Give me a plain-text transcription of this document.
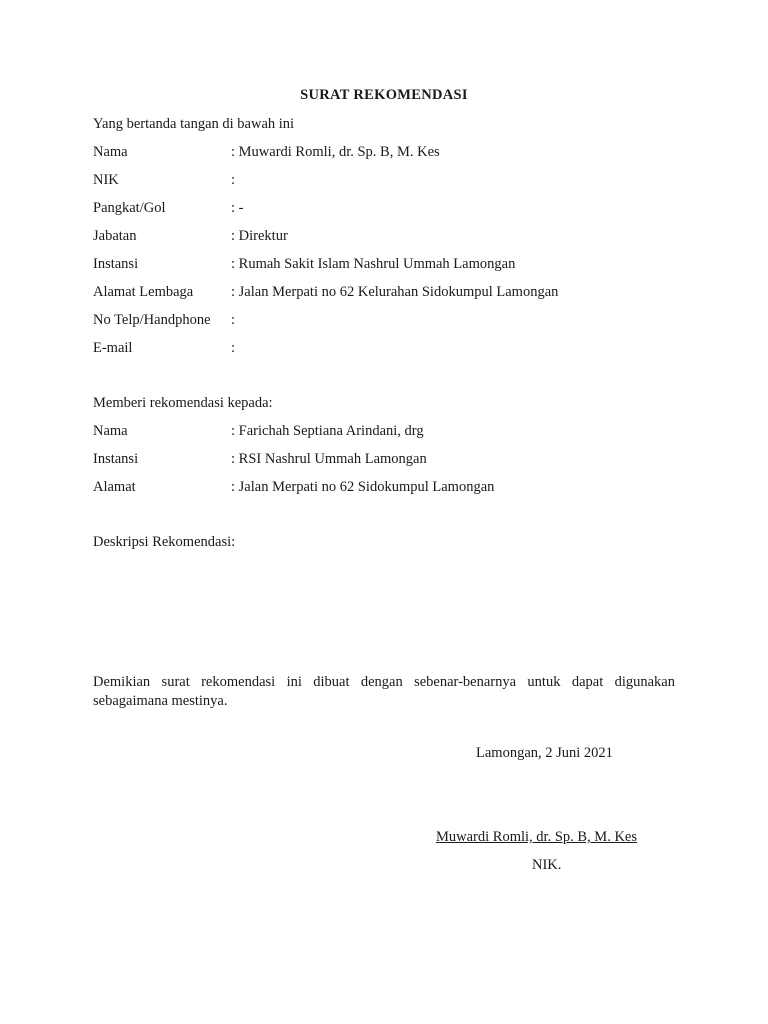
SURAT REKOMENDASI
Yang bertanda tangan di bawah ini
Nama	: Muwardi Romli, dr. Sp. B, M. Kes
NIK	:
Pangkat/Gol	: -
Jabatan	: Direktur
Instansi	: Rumah Sakit Islam Nashrul Ummah Lamongan
Alamat Lembaga	: Jalan Merpati no 62 Kelurahan Sidokumpul Lamongan
No Telp/Handphone :
E-mail	:
Memberi rekomendasi kepada:
Nama	: Farichah Septiana Arindani, drg
Instansi	: RSI Nashrul Ummah Lamongan
Alamat	: Jalan Merpati no 62 Sidokumpul Lamongan
Deskripsi Rekomendasi:
Demikian surat rekomendasi ini dibuat dengan sebenar-benarnya untuk dapat digunakan
sebagaimana mestinya.
Lamongan, 2 Juni 2021
Muwardi Romli, dr. Sp. B, M. Kes
NIK.
